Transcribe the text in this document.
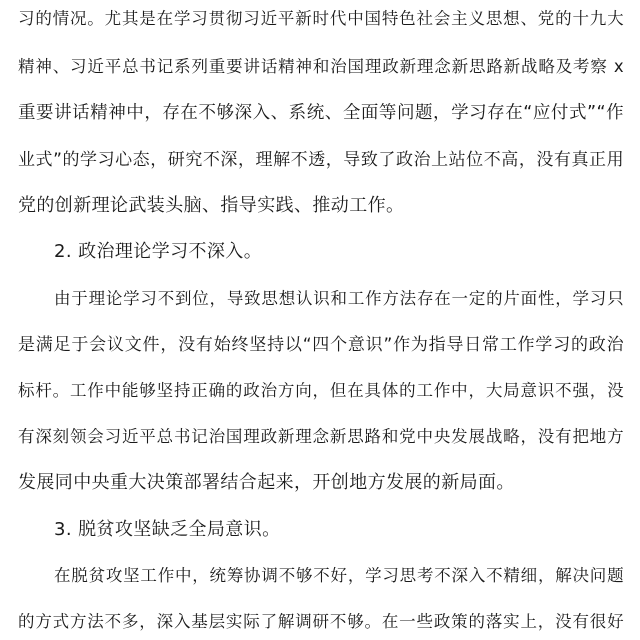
习的情况。尤其是在学习贯彻习近平新时代中国特色社会主义思想、党的十九大
精神、习近平总书记系列重要讲话精神和治国理政新理念新思路新战略及考察 x
重要讲话精神中，存在不够深入、系统、全面等问题，学习存在“应付式”“作
业式”的学习心态，研究不深，理解不透，导致了政治上站位不高，没有真正用
党的创新理论武装头脑、指导实践、推动工作。
2. 政治理论学习不深入。
由于理论学习不到位，导致思想认识和工作方法存在一定的片面性，学习只
是满足于会议文件，没有始终坚持以“四个意识”作为指导日常工作学习的政治
标杆。工作中能够坚持正确的政治方向，但在具体的工作中，大局意识不强，没
有深刻领会习近平总书记治国理政新理念新思路和党中央发展战略，没有把地方
发展同中央重大决策部署结合起来，开创地方发展的新局面。
3. 脱贫攻坚缺乏全局意识。
在脱贫攻坚工作中，统筹协调不够不好，学习思考不深入不精细，解决问题
的方式方法不多，深入基层实际了解调研不够。在一些政策的落实上，没有很好
